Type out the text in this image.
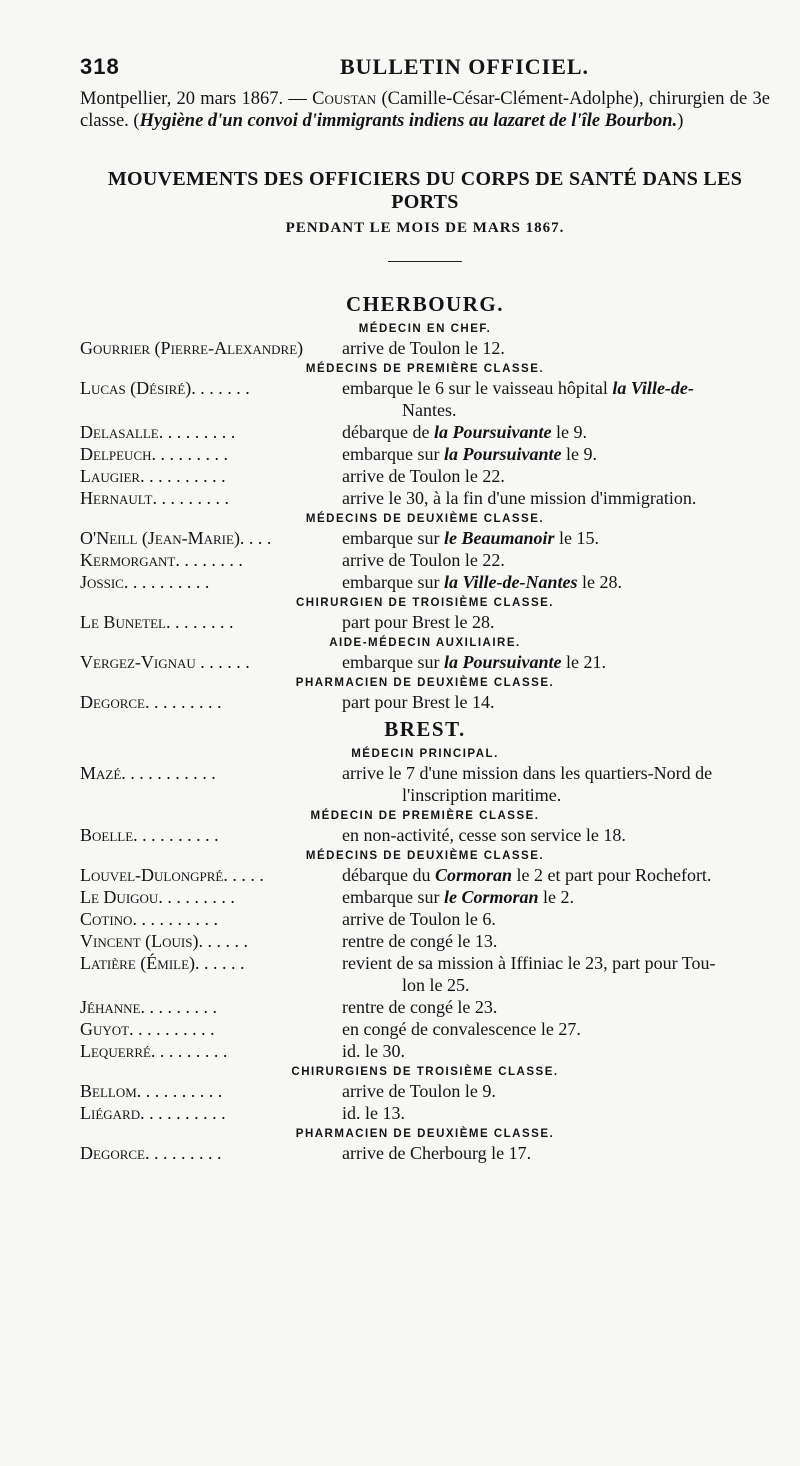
318	BULLETIN OFFICIEL.

Montpellier, 20 mars 1867. — Coustan (Camille-César-Clément-Adolphe), chirurgien de 3e classe. (Hygiène d'un convoi d'immigrants indiens au lazaret de l'île Bourbon.)

MOUVEMENTS DES OFFICIERS DU CORPS DE SANTÉ DANS LES PORTS
PENDANT LE MOIS DE MARS 1867.
CHERBOURG.
MÉDECIN EN CHEF.
Gourrier (Pierre-Alexandre)	arrive de Toulon le 12.
MÉDECINS DE PREMIÈRE CLASSE.
Lucas (Désiré). . . . . . .	embarque le 6 sur le vaisseau hôpital la Ville-de-
Nantes.
Delasalle. . . . . . . . .	débarque de la Poursuivante le 9.
Delpeuch. . . . . . . . .	embarque sur la Poursuivante le 9.
Laugier. . . . . . . . . .	arrive de Toulon le 22.
Hernault. . . . . . . . .	arrive le 30, à la fin d'une mission d'immigration.
MÉDECINS DE DEUXIÈME CLASSE.
O'Neill (Jean-Marie). . . .	embarque sur le Beaumanoir le 15.
Kermorgant. . . . . . . .	arrive de Toulon le 22.
Jossic. . . . . . . . . .	embarque sur la Ville-de-Nantes le 28.
CHIRURGIEN DE TROISIÈME CLASSE.
Le Bunetel. . . . . . . .	part pour Brest le 28.
AIDE-MÉDECIN AUXILIAIRE.
Vergez-Vignau . . . . . .	embarque sur la Poursuivante le 21.
PHARMACIEN DE DEUXIÈME CLASSE.
Degorce. . . . . . . . .	part pour Brest le 14.
BREST.
MÉDECIN PRINCIPAL.
Mazé. . . . . . . . . . .	arrive le 7 d'une mission dans les quartiers-Nord de
l'inscription maritime.
MÉDECIN DE PREMIÈRE CLASSE.
Boelle. . . . . . . . . .	en non-activité, cesse son service le 18.
MÉDECINS DE DEUXIÈME CLASSE.
Louvel-Dulongpré. . . . .	débarque du Cormoran le 2 et part pour Rochefort.
Le Duigou. . . . . . . . .	embarque sur le Cormoran le 2.
Cotino. . . . . . . . . .	arrive de Toulon le 6.
Vincent (Louis). . . . . .	rentre de congé le 13.
Latière (Émile). . . . . .	revient de sa mission à Iffiniac le 23, part pour Tou-
lon le 25.
Jéhanne. . . . . . . . .	rentre de congé le 23.
Guyot. . . . . . . . . .	en congé de convalescence le 27.
Lequerré. . . . . . . . .	id. le 30.
CHIRURGIENS DE TROISIÈME CLASSE.
Bellom. . . . . . . . . .	arrive de Toulon le 9.
Liégard. . . . . . . . . .	id. le 13.
PHARMACIEN DE DEUXIÈME CLASSE.
Degorce. . . . . . . . .	arrive de Cherbourg le 17.
